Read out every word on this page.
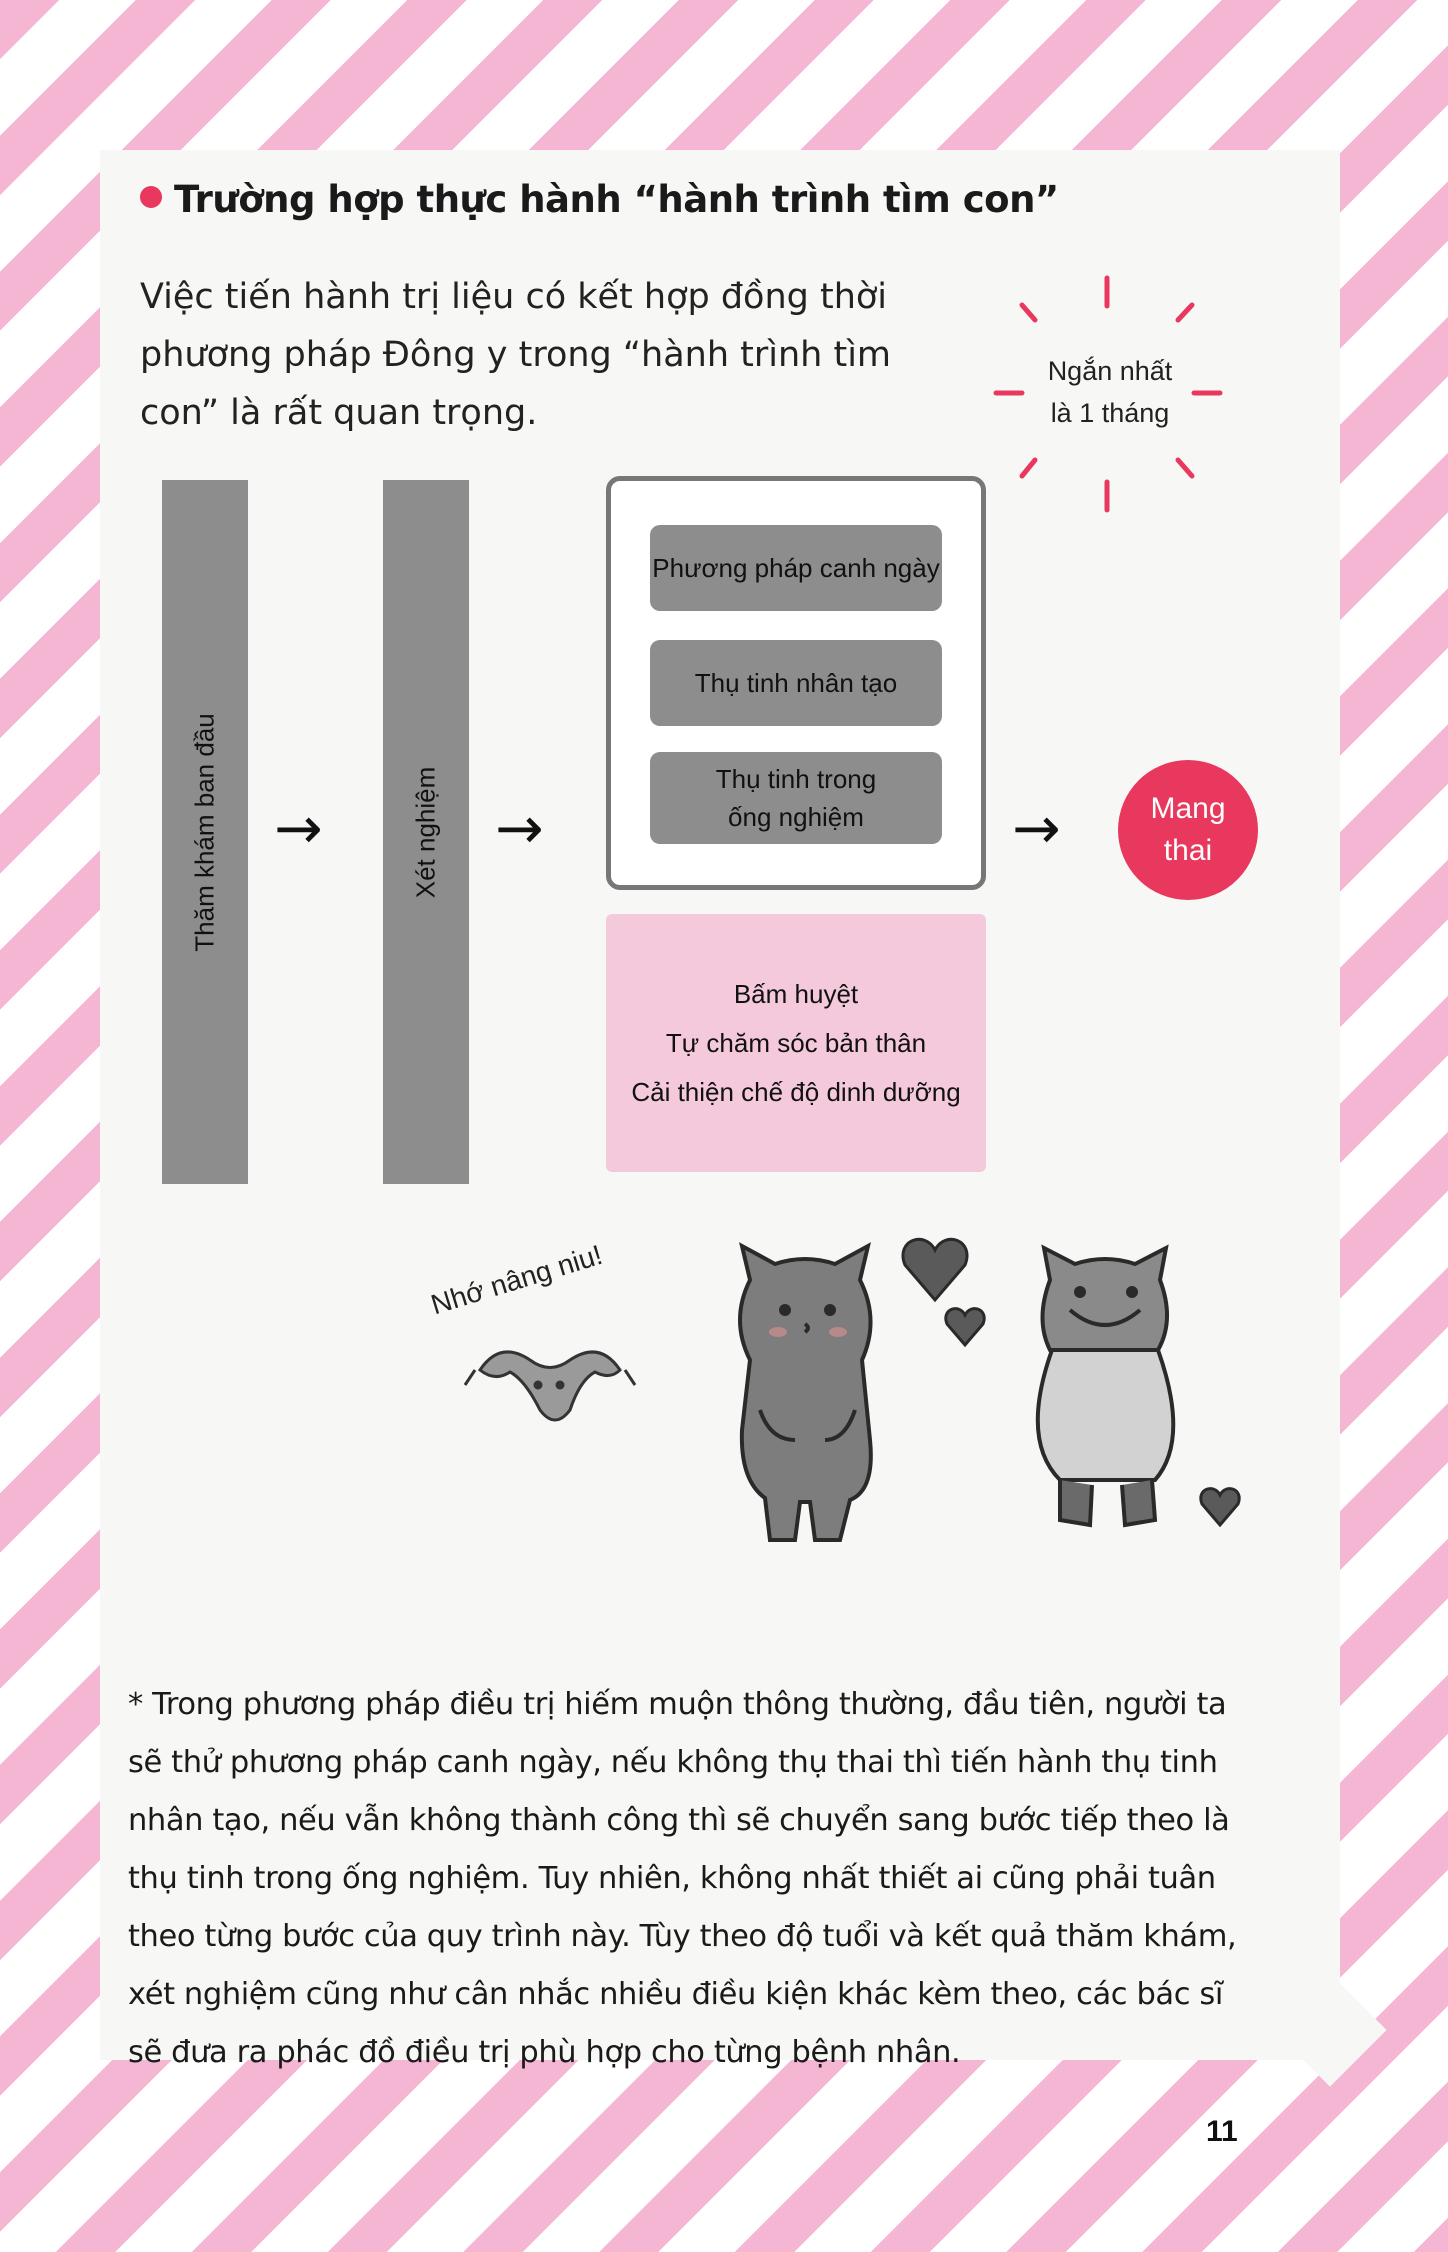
Trường hợp thực hành “hành trình tìm con”

Việc tiến hành trị liệu có kết hợp đồng thời phương pháp Đông y trong “hành trình tìm con” là rất quan trọng.

Ngắn nhất
là 1 tháng
Thăm khám ban đầu →	Xét nghiệm →
Phương pháp canh ngày
Thụ tinh nhân tạo
Thụ tinh trong
ống nghiệm	→	Mang
thai
Bấm huyệt
Tự chăm sóc bản thân
Cải thiện chế độ dinh dưỡng
Nhớ nâng niu!

* Trong phương pháp điều trị hiếm muộn thông thường, đầu tiên, người ta sẽ thử phương pháp canh ngày, nếu không thụ thai thì tiến hành thụ tinh nhân tạo, nếu vẫn không thành công thì sẽ chuyển sang bước tiếp theo là thụ tinh trong ống nghiệm. Tuy nhiên, không nhất thiết ai cũng phải tuân theo từng bước của quy trình này. Tùy theo độ tuổi và kết quả thăm khám, xét nghiệm cũng như cân nhắc nhiều điều kiện khác kèm theo, các bác sĩ sẽ đưa ra phác đồ điều trị phù hợp cho từng bệnh nhân.

11
